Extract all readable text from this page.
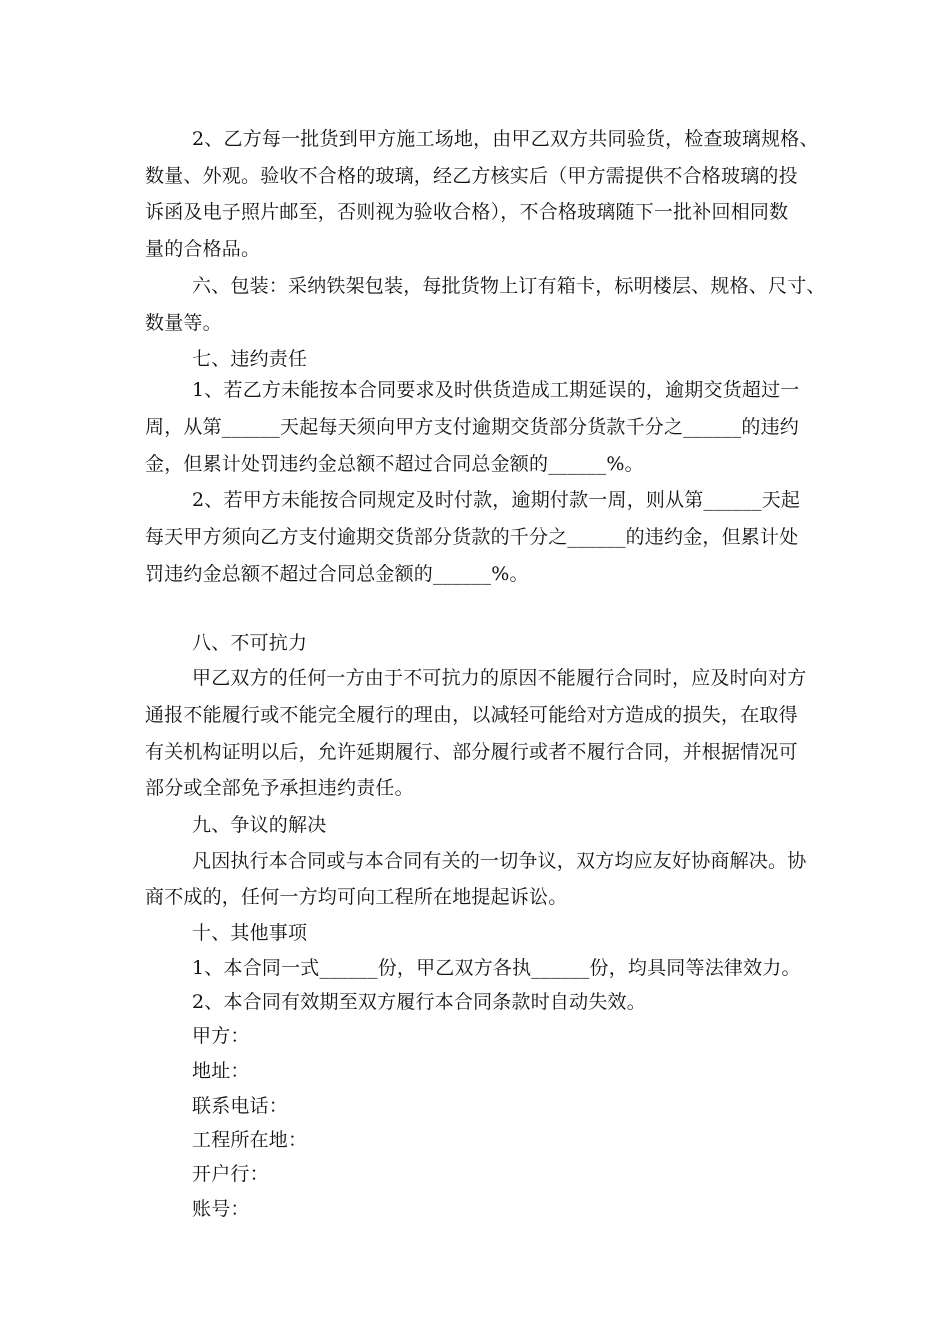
2、乙方每一批货到甲方施工场地，由甲乙双方共同验货，检查玻璃规格、
数量、外观。验收不合格的玻璃，经乙方核实后（甲方需提供不合格玻璃的投
诉函及电子照片邮至，否则视为验收合格），不合格玻璃随下一批补回相同数
量的合格品。
六、包装：采纳铁架包装，每批货物上订有箱卡，标明楼层、规格、尺寸、
数量等。
七、违约责任
1、若乙方未能按本合同要求及时供货造成工期延误的，逾期交货超过一
周，从第______天起每天须向甲方支付逾期交货部分货款千分之______的违约
金，但累计处罚违约金总额不超过合同总金额的______%。
2、若甲方未能按合同规定及时付款，逾期付款一周，则从第______天起
每天甲方须向乙方支付逾期交货部分货款的千分之______的违约金，但累计处
罚违约金总额不超过合同总金额的______%。
八、不可抗力
甲乙双方的任何一方由于不可抗力的原因不能履行合同时，应及时向对方
通报不能履行或不能完全履行的理由，以减轻可能给对方造成的损失，在取得
有关机构证明以后，允许延期履行、部分履行或者不履行合同，并根据情况可
部分或全部免予承担违约责任。
九、争议的解决
凡因执行本合同或与本合同有关的一切争议，双方均应友好协商解决。协
商不成的，任何一方均可向工程所在地提起诉讼。
十、其他事项
1、本合同一式______份，甲乙双方各执______份，均具同等法律效力。
2、本合同有效期至双方履行本合同条款时自动失效。
甲方：
地址：
联系电话：
工程所在地：
开户行：
账号：
